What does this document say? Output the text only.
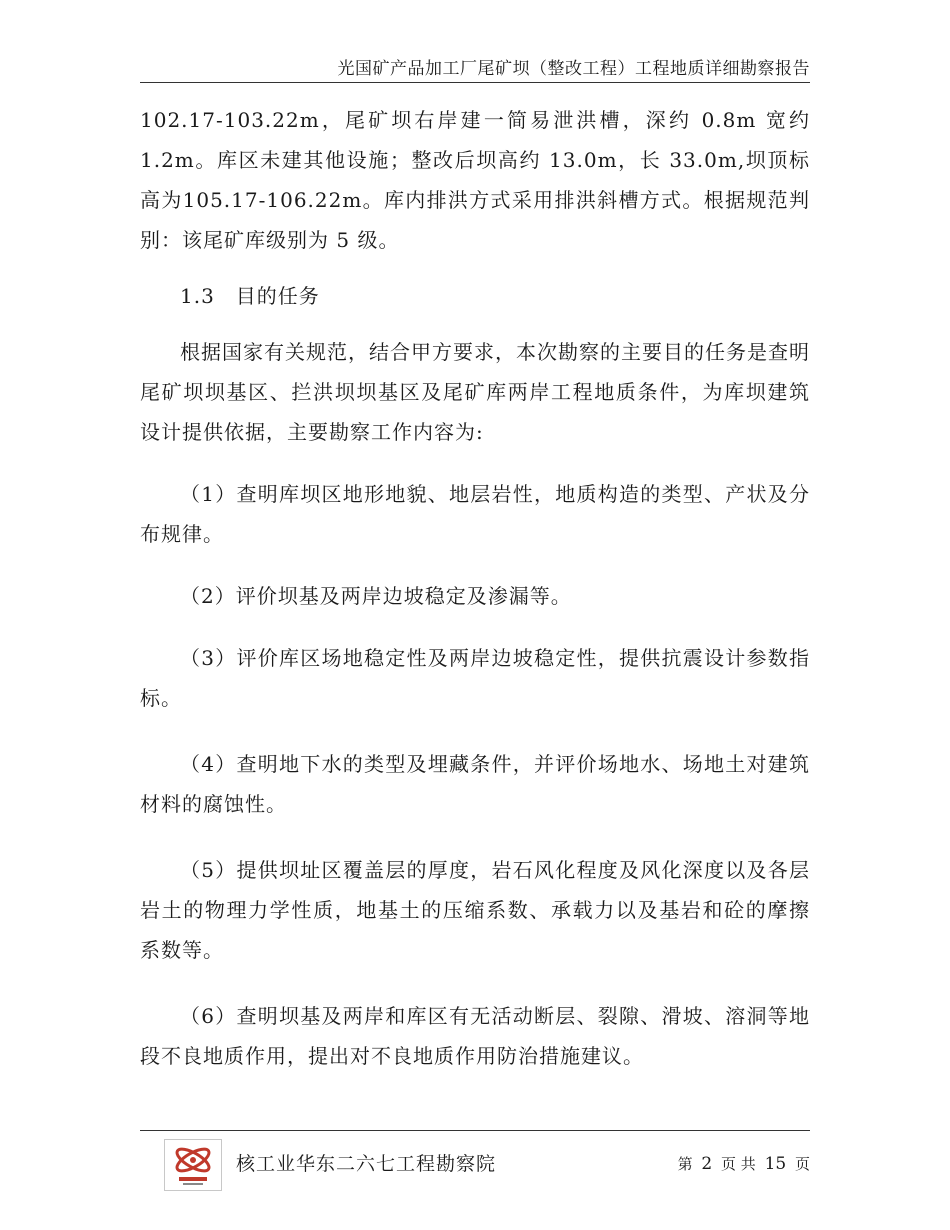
光国矿产品加工厂尾矿坝（整改工程）工程地质详细勘察报告

102.17-103.22m，尾矿坝右岸建一简易泄洪槽，深约 0.8m 宽约 1.2m。库区未建其他设施；整改后坝高约 13.0m，长 33.0m,坝顶标高为105.17-106.22m。库内排洪方式采用排洪斜槽方式。根据规范判别：该尾矿库级别为 5 级。

1.3　目的任务

根据国家有关规范，结合甲方要求，本次勘察的主要目的任务是查明尾矿坝坝基区、拦洪坝坝基区及尾矿库两岸工程地质条件，为库坝建筑设计提供依据，主要勘察工作内容为:

（1）查明库坝区地形地貌、地层岩性，地质构造的类型、产状及分布规律。

（2）评价坝基及两岸边坡稳定及渗漏等。

（3）评价库区场地稳定性及两岸边坡稳定性，提供抗震设计参数指标。

（4）查明地下水的类型及埋藏条件，并评价场地水、场地土对建筑材料的腐蚀性。

（5）提供坝址区覆盖层的厚度，岩石风化程度及风化深度以及各层岩土的物理力学性质，地基土的压缩系数、承载力以及基岩和砼的摩擦系数等。

（6）查明坝基及两岸和库区有无活动断层、裂隙、滑坡、溶洞等地段不良地质作用，提出对不良地质作用防治措施建议。

核工业华东二六七工程勘察院	第 2 页 共 15 页
